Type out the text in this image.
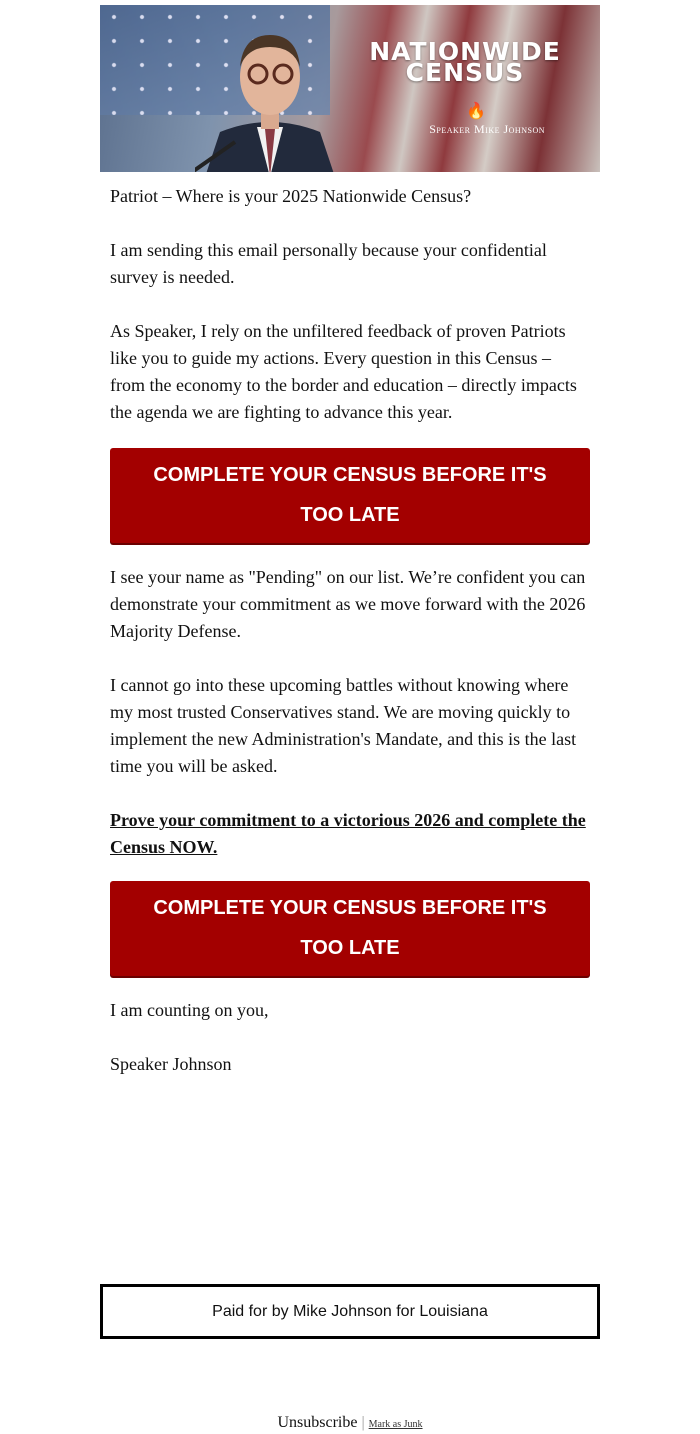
NATIONWIDE
CENSUS
🔥
Speaker Mike Johnson

Patriot – Where is your 2025 Nationwide Census?

I am sending this email personally because your confidential survey is needed.

As Speaker, I rely on the unfiltered feedback of proven Patriots like you to guide my actions. Every question in this Census – from the economy to the border and education – directly impacts the agenda we are fighting to advance this year.

COMPLETE YOUR CENSUS BEFORE IT'S TOO LATE

I see your name as "Pending" on our list. We’re confident you can demonstrate your commitment as we move forward with the 2026 Majority Defense.

I cannot go into these upcoming battles without knowing where my most trusted Conservatives stand. We are moving quickly to implement the new Administration's Mandate, and this is the last time you will be asked.

Prove your commitment to a victorious 2026 and complete the Census NOW.

COMPLETE YOUR CENSUS BEFORE IT'S TOO LATE

I am counting on you,

Speaker Johnson

Paid for by Mike Johnson for Louisiana
Unsubscribe | Mark as Junk
